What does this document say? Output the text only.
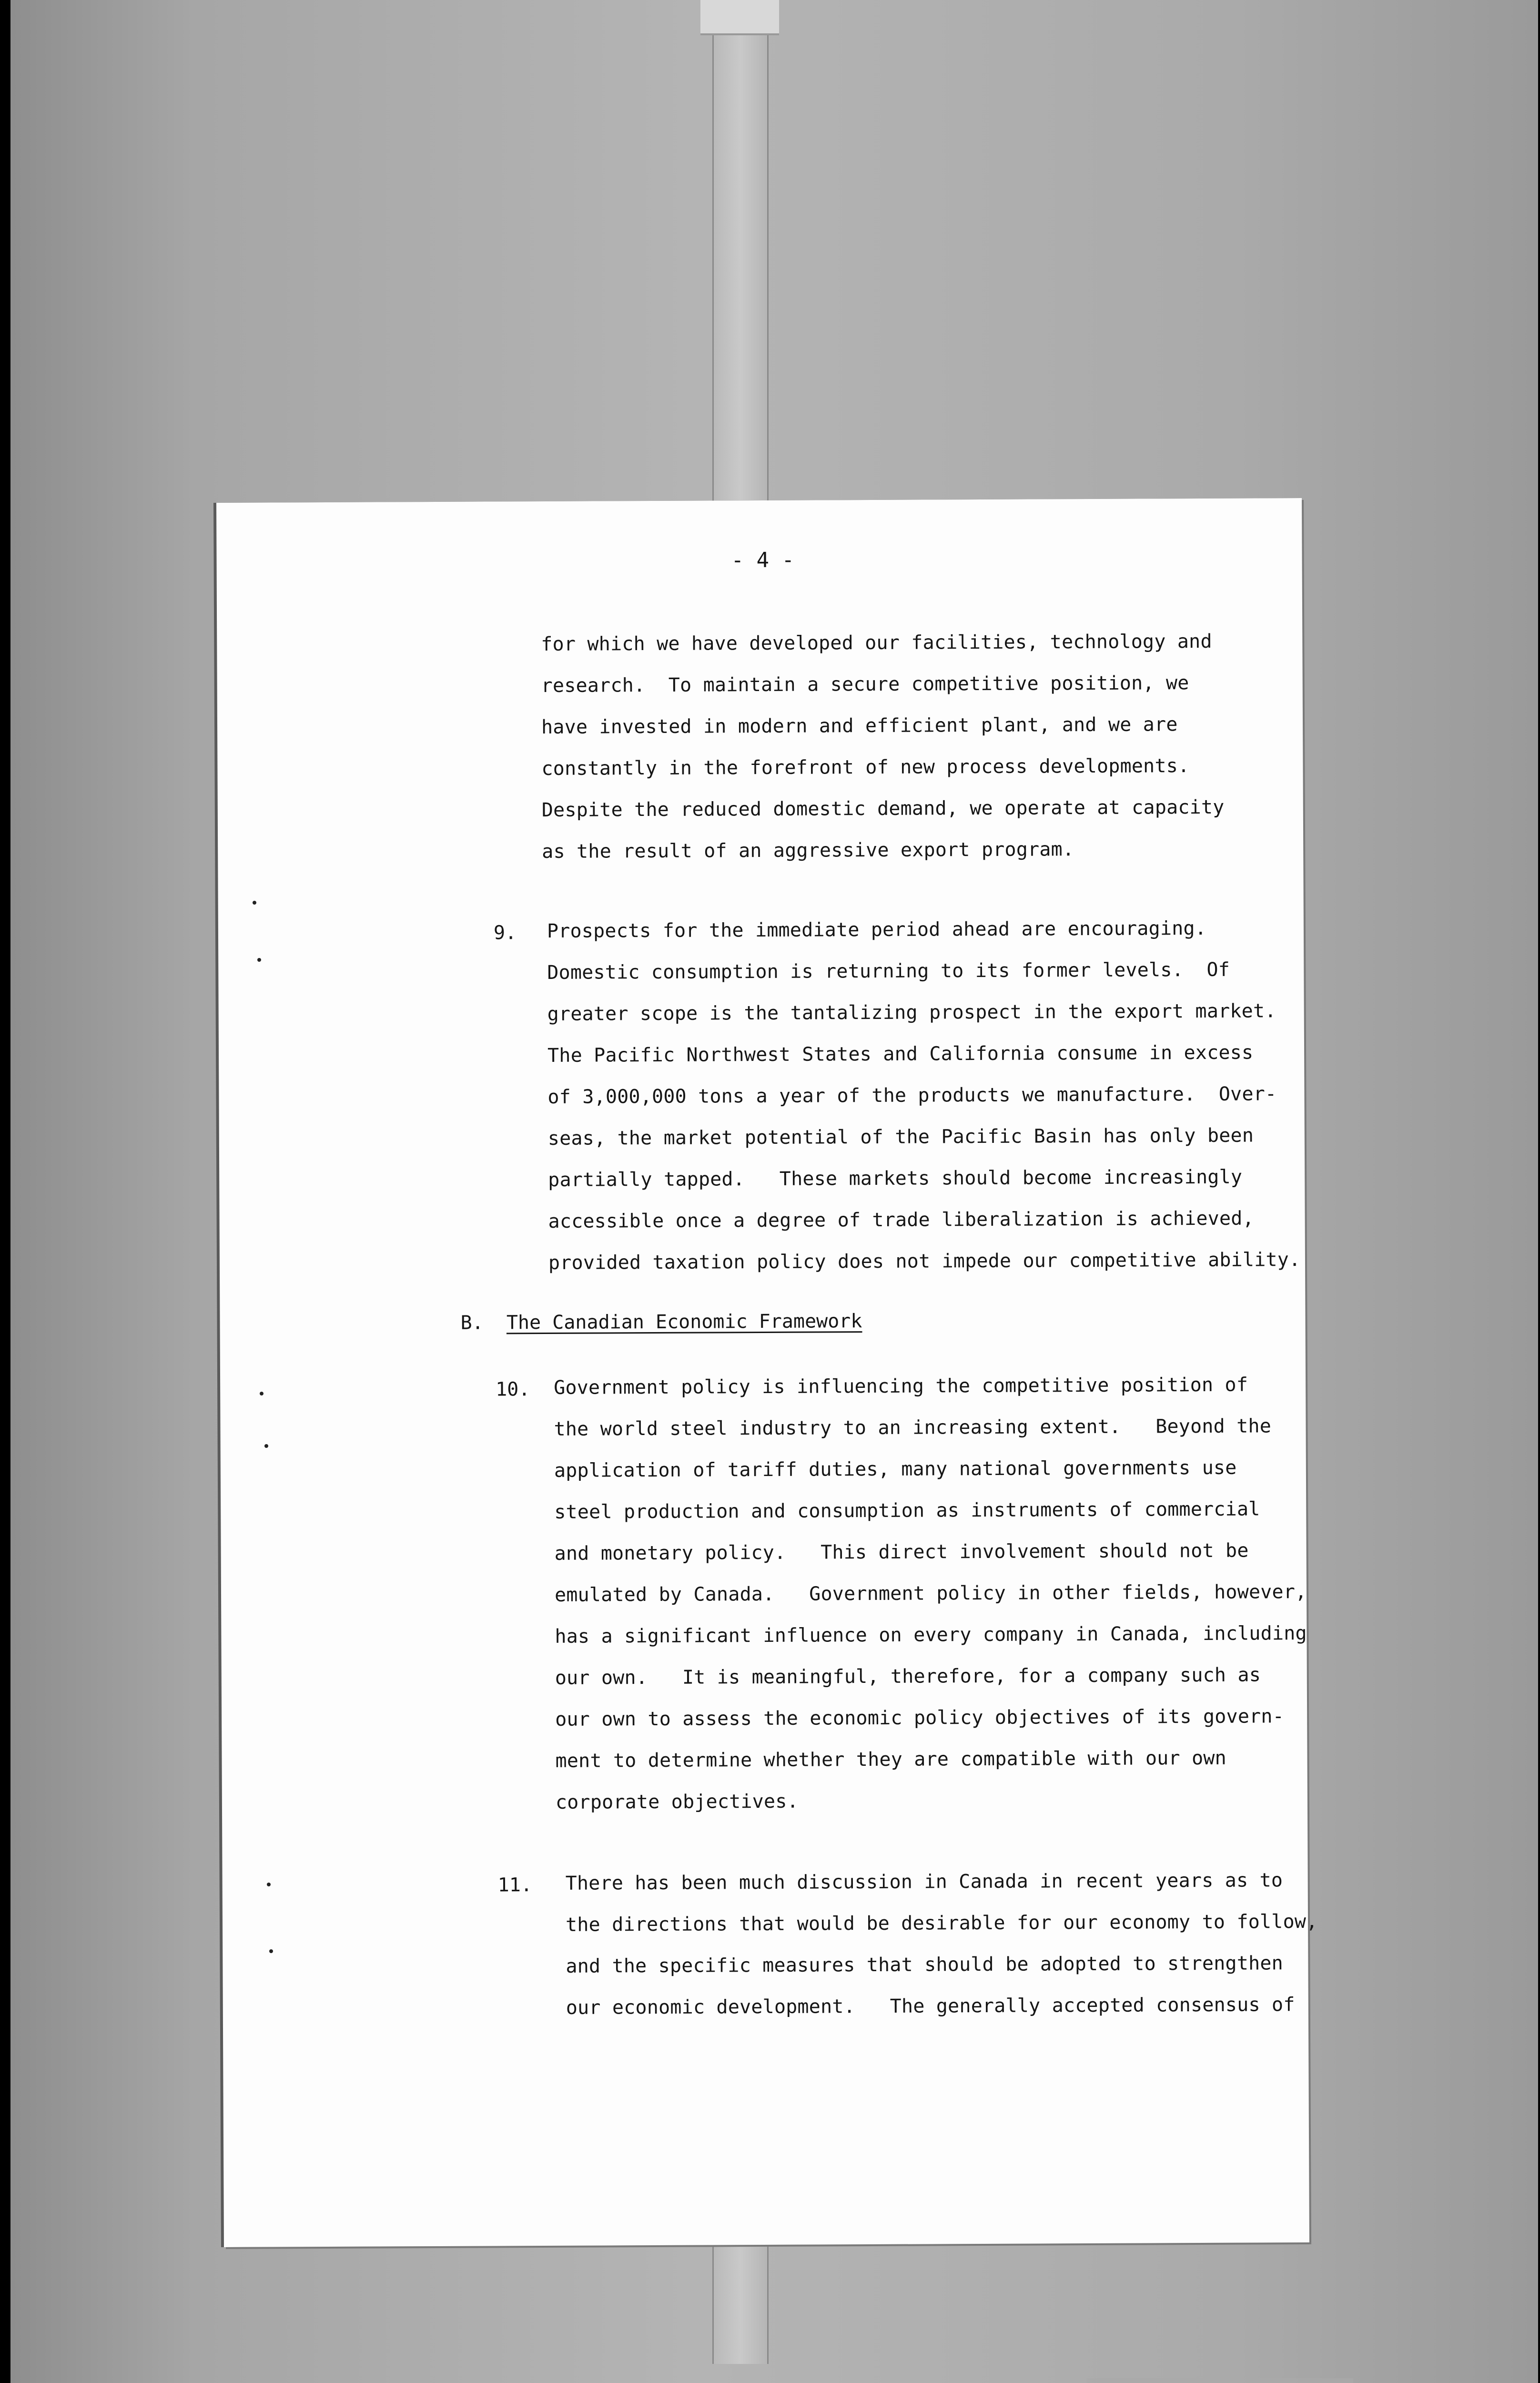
- 4 -
for which we have developed our facilities, technology and
research.  To maintain a secure competitive position, we
have invested in modern and efficient plant, and we are
constantly in the forefront of new process developments.
Despite the reduced domestic demand, we operate at capacity
as the result of an aggressive export program.
9. Prospects for the immediate period ahead are encouraging.
Domestic consumption is returning to its former levels.  Of
greater scope is the tantalizing prospect in the export market.
The Pacific Northwest States and California consume in excess
of 3,000,000 tons a year of the products we manufacture.  Over-
seas, the market potential of the Pacific Basin has only been
partially tapped.   These markets should become increasingly
accessible once a degree of trade liberalization is achieved,
provided taxation policy does not impede our competitive ability.
B. The Canadian Economic Framework
10. Government policy is influencing the competitive position of
the world steel industry to an increasing extent.   Beyond the
application of tariff duties, many national governments use
steel production and consumption as instruments of commercial
and monetary policy.   This direct involvement should not be
emulated by Canada.   Government policy in other fields, however,
has a significant influence on every company in Canada, including
our own.   It is meaningful, therefore, for a company such as
our own to assess the economic policy objectives of its govern-
ment to determine whether they are compatible with our own
corporate objectives.
11. There has been much discussion in Canada in recent years as to
the directions that would be desirable for our economy to follow,
and the specific measures that should be adopted to strengthen
our economic development.   The generally accepted consensus of
